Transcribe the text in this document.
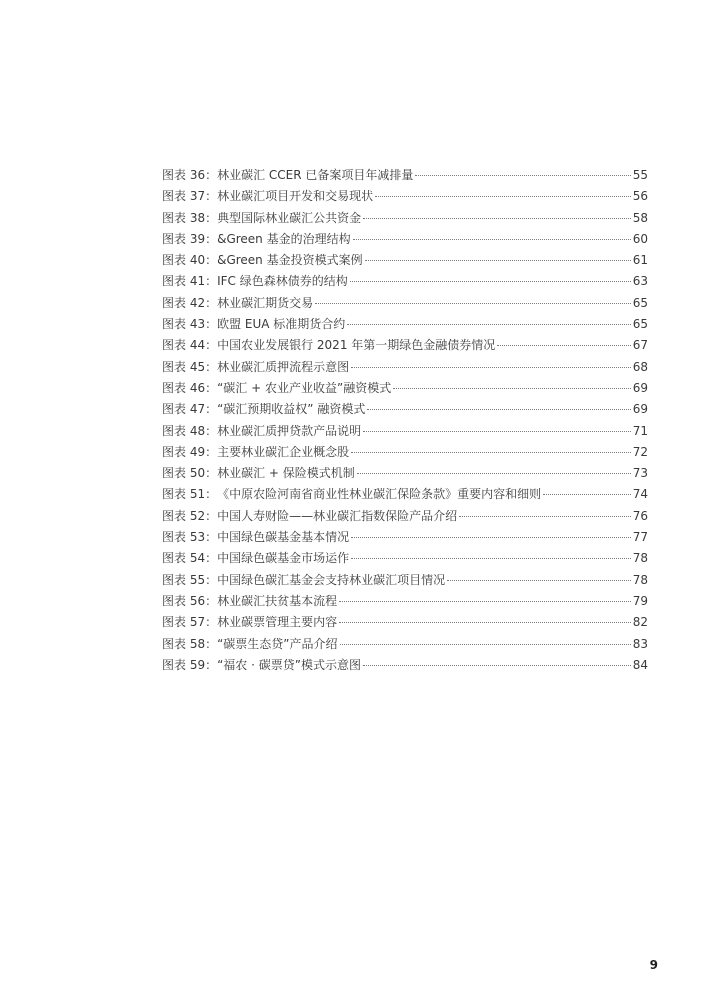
图表 36： 林业碳汇 CCER 已备案项目年减排量	55
图表 37： 林业碳汇项目开发和交易现状	56
图表 38： 典型国际林业碳汇公共资金	58
图表 39： &Green 基金的治理结构	60
图表 40： &Green 基金投资模式案例	61
图表 41： IFC 绿色森林债券的结构	63
图表 42： 林业碳汇期货交易	65
图表 43： 欧盟 EUA 标准期货合约	65
图表 44： 中国农业发展银行 2021 年第一期绿色金融债券情况	67
图表 45： 林业碳汇质押流程示意图	68
图表 46： “碳汇 + 农业产业收益”融资模式	69
图表 47： “碳汇预期收益权” 融资模式	69
图表 48： 林业碳汇质押贷款产品说明	71
图表 49： 主要林业碳汇企业概念股	72
图表 50： 林业碳汇 + 保险模式机制	73
图表 51： 《中原农险河南省商业性林业碳汇保险条款》重要内容和细则	74
图表 52： 中国人寿财险——林业碳汇指数保险产品介绍	76
图表 53： 中国绿色碳基金基本情况	77
图表 54： 中国绿色碳基金市场运作	78
图表 55： 中国绿色碳汇基金会支持林业碳汇项目情况	78
图表 56： 林业碳汇扶贫基本流程	79
图表 57： 林业碳票管理主要内容	82
图表 58： “碳票生态贷”产品介绍	83
图表 59： “福农 · 碳票贷”模式示意图	84
9
